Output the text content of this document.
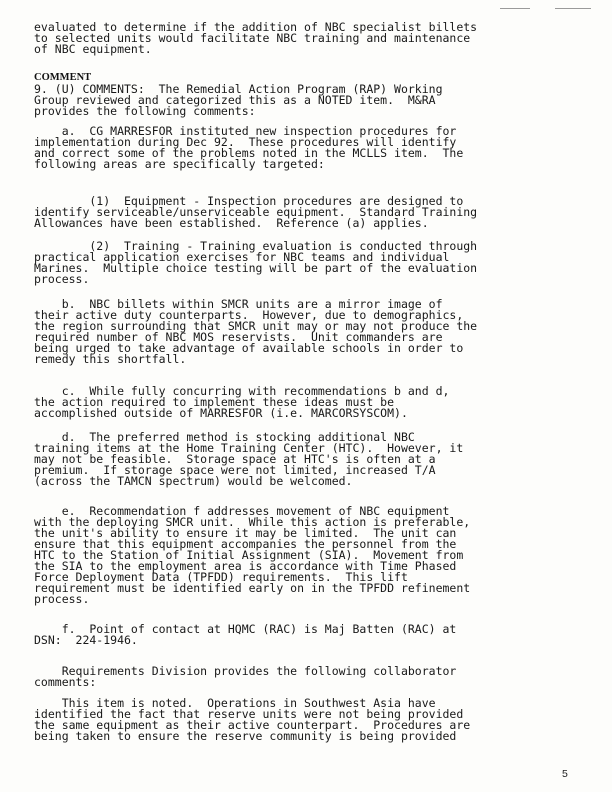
evaluated to determine if the addition of NBC specialist billets
to selected units would facilitate NBC training and maintenance
of NBC equipment.
COMMENT
9. (U) COMMENTS:  The Remedial Action Program (RAP) Working
Group reviewed and categorized this as a NOTED item.  M&RA
provides the following comments:
a.  CG MARRESFOR instituted new inspection procedures for
implementation during Dec 92.  These procedures will identify
and correct some of the problems noted in the MCLLS item.  The
following areas are specifically targeted:
(1)  Equipment - Inspection procedures are designed to
identify serviceable/unserviceable equipment.  Standard Training
Allowances have been established.  Reference (a) applies.
(2)  Training - Training evaluation is conducted through
practical application exercises for NBC teams and individual
Marines.  Multiple choice testing will be part of the evaluation
process.
b.  NBC billets within SMCR units are a mirror image of
their active duty counterparts.  However, due to demographics,
the region surrounding that SMCR unit may or may not produce the
required number of NBC MOS reservists.  Unit commanders are
being urged to take advantage of available schools in order to
remedy this shortfall.
c.  While fully concurring with recommendations b and d,
the action required to implement these ideas must be
accomplished outside of MARRESFOR (i.e. MARCORSYSCOM).
d.  The preferred method is stocking additional NBC
training items at the Home Training Center (HTC).  However, it
may not be feasible.  Storage space at HTC's is often at a
premium.  If storage space were not limited, increased T/A
(across the TAMCN spectrum) would be welcomed.
e.  Recommendation f addresses movement of NBC equipment
with the deploying SMCR unit.  While this action is preferable,
the unit's ability to ensure it may be limited.  The unit can
ensure that this equipment accompanies the personnel from the
HTC to the Station of Initial Assignment (SIA).  Movement from
the SIA to the employment area is accordance with Time Phased
Force Deployment Data (TPFDD) requirements.  This lift
requirement must be identified early on in the TPFDD refinement
process.
f.  Point of contact at HQMC (RAC) is Maj Batten (RAC) at
DSN:  224-1946.
Requirements Division provides the following collaborator
comments:
This item is noted.  Operations in Southwest Asia have
identified the fact that reserve units were not being provided
the same equipment as their active counterpart.  Procedures are
being taken to ensure the reserve community is being provided
5
